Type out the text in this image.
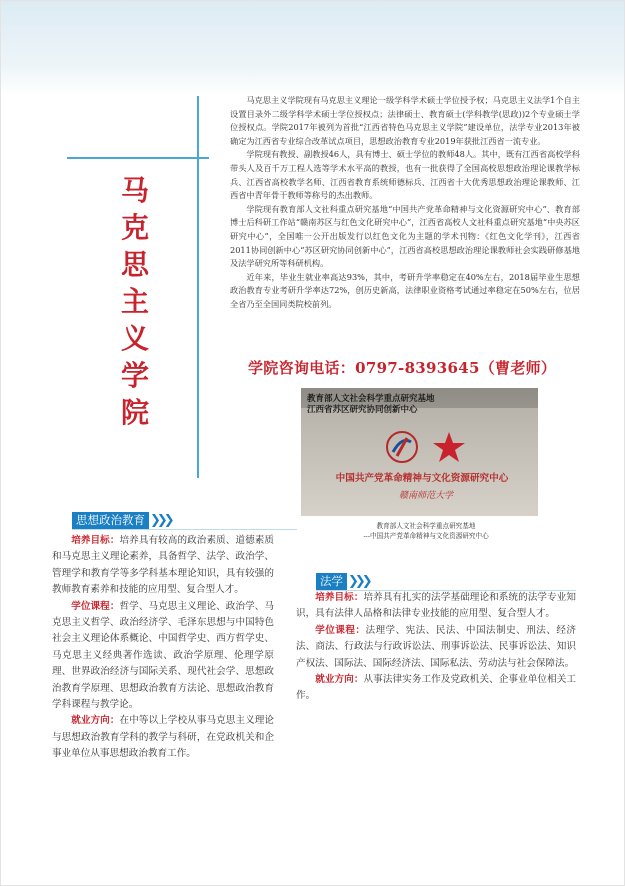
马
克
思
主
义
学
院

马克思主义学院现有马克思主义理论一级学科学术硕士学位授予权；马克思主义法学1个自主设置目录外二级学科学术硕士学位授权点；法律硕士、教育硕士(学科教学(思政))2个专业硕士学位授权点。学院2017年被列为首批“江西省特色马克思主义学院”建设单位，法学专业2013年被确定为江西省专业综合改革试点项目，思想政治教育专业2019年获批江西省一流专业。

学院现有教授、副教授46人，具有博士、硕士学位的教师48人。其中，既有江西省高校学科带头人及百千万工程人选等学术水平高的教授，也有一批获得了全国高校思想政治理论课教学标兵、江西省高校教学名师、江西省教育系统师德标兵、江西省十大优秀思想政治理论课教师、江西省中青年骨干教师等称号的杰出教师。

学院现有教育部人文社科重点研究基地“中国共产党革命精神与文化资源研究中心”、教育部博士后科研工作站“赣南苏区与红色文化研究中心”，江西省高校人文社科重点研究基地“中央苏区研究中心”，全国唯一公开出版发行以红色文化为主题的学术刊物：《红色文化学刊》，江西省2011协同创新中心“苏区研究协同创新中心”，江西省高校思想政治理论课教师社会实践研修基地及法学研究所等科研机构。

近年来，毕业生就业率高达93%，其中，考研升学率稳定在40%左右，2018届毕业生思想政治教育专业考研升学率达72%，创历史新高，法律职业资格考试通过率稳定在50%左右，位居全省乃至全国同类院校前列。

学院咨询电话：0797-8393645（曹老师）
教育部人文社会科学重点研究基地
江西省苏区研究协同创新中心
中国共产党革命精神与文化资源研究中心
赣南师范大学
教育部人文社会科学重点研究基地
---中国共产党革命精神与文化资源研究中心
思想政治教育 ❯❯❯

培养目标：培养具有较高的政治素质、道德素质和马克思主义理论素养，具备哲学、法学、政治学、管理学和教育学等多学科基本理论知识，具有较强的教师教育素养和技能的应用型、复合型人才。

学位课程：哲学、马克思主义理论、政治学、马克思主义哲学、政治经济学、毛泽东思想与中国特色社会主义理论体系概论、中国哲学史、西方哲学史、马克思主义经典著作选读、政治学原理、伦理学原理、世界政治经济与国际关系、现代社会学、思想政治教育学原理、思想政治教育方法论、思想政治教育学科课程与教学论。

就业方向：在中等以上学校从事马克思主义理论与思想政治教育学科的教学与科研，在党政机关和企事业单位从事思想政治教育工作。

法学 ❯❯❯

培养目标：培养具有扎实的法学基础理论和系统的法学专业知识，具有法律人品格和法律专业技能的应用型、复合型人才。

学位课程：法理学、宪法、民法、中国法制史、刑法、经济法、商法、行政法与行政诉讼法、刑事诉讼法、民事诉讼法、知识产权法、国际法、国际经济法、国际私法、劳动法与社会保障法。

就业方向：从事法律实务工作及党政机关、企事业单位相关工作。
